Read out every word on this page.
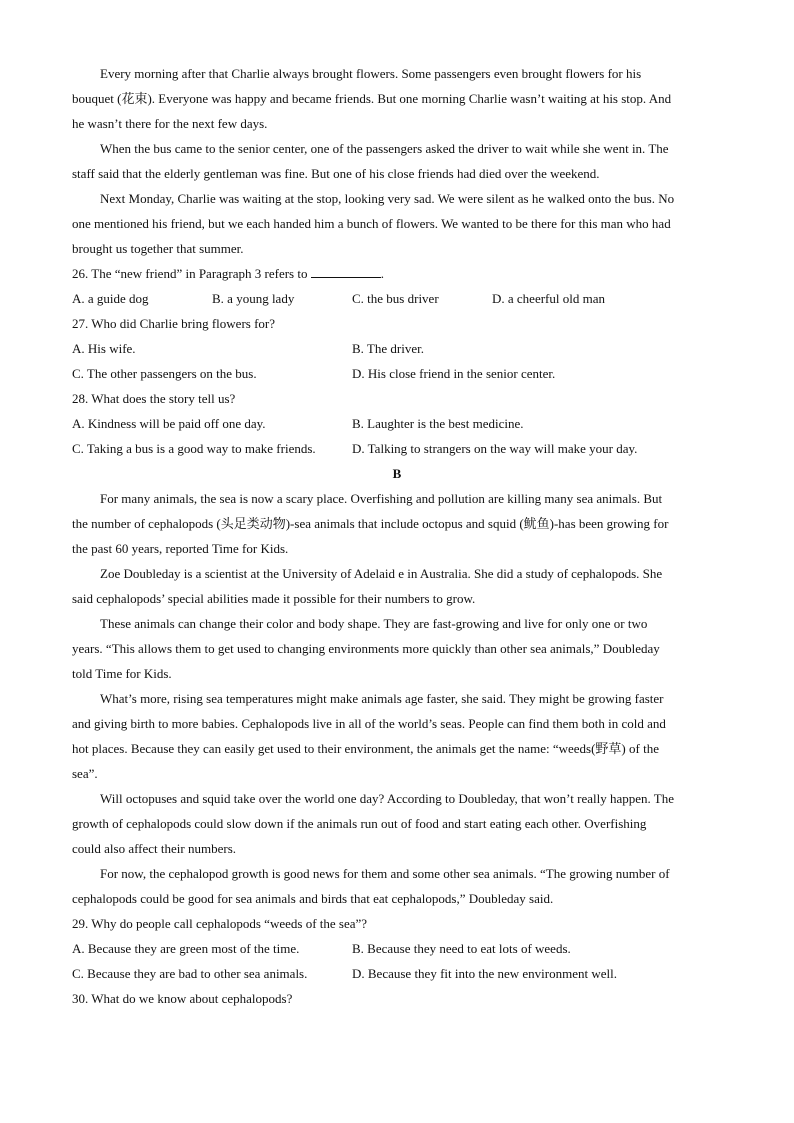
Every morning after that Charlie always brought flowers. Some passengers even brought flowers for his
bouquet (花束). Everyone was happy and became friends. But one morning Charlie wasn’t waiting at his stop. And
he wasn’t there for the next few days.
When the bus came to the senior center, one of the passengers asked the driver to wait while she went in. The
staff said that the elderly gentleman was fine. But one of his close friends had died over the weekend.
Next Monday, Charlie was waiting at the stop, looking very sad. We were silent as he walked onto the bus. No
one mentioned his friend, but we each handed him a bunch of flowers. We wanted to be there for this man who had
brought us together that summer.
26. The “new friend” in Paragraph 3 refers to	.
A. a guide dog	B. a young lady	C. the bus driver	D. a cheerful old man
27. Who did Charlie bring flowers for?
A. His wife.	B. The driver.
C. The other passengers on the bus.	D. His close friend in the senior center.
28. What does the story tell us?
A. Kindness will be paid off one day.	B. Laughter is the best medicine.
C. Taking a bus is a good way to make friends.	D. Talking to strangers on the way will make your day.
B
For many animals, the sea is now a scary place. Overfishing and pollution are killing many sea animals. But
the number of cephalopods (头足类动物)-sea animals that include octopus and squid (鱿鱼)-has been growing for
the past 60 years, reported Time for Kids.
Zoe Doubleday is a scientist at the University of Adelaid e in Australia. She did a study of cephalopods. She
said cephalopods’ special abilities made it possible for their numbers to grow.
These animals can change their color and body shape. They are fast-growing and live for only one or two
years. “This allows them to get used to changing environments more quickly than other sea animals,” Doubleday
told Time for Kids.
What’s more, rising sea temperatures might make animals age faster, she said. They might be growing faster
and giving birth to more babies. Cephalopods live in all of the world’s seas. People can find them both in cold and
hot places. Because they can easily get used to their environment, the animals get the name: “weeds(野草) of the
sea”.
Will octopuses and squid take over the world one day? According to Doubleday, that won’t really happen. The
growth of cephalopods could slow down if the animals run out of food and start eating each other. Overfishing
could also affect their numbers.
For now, the cephalopod growth is good news for them and some other sea animals. “The growing number of
cephalopods could be good for sea animals and birds that eat cephalopods,” Doubleday said.
29. Why do people call cephalopods “weeds of the sea”?
A. Because they are green most of the time.	B. Because they need to eat lots of weeds.
C. Because they are bad to other sea animals.	D. Because they fit into the new environment well.
30. What do we know about cephalopods?
